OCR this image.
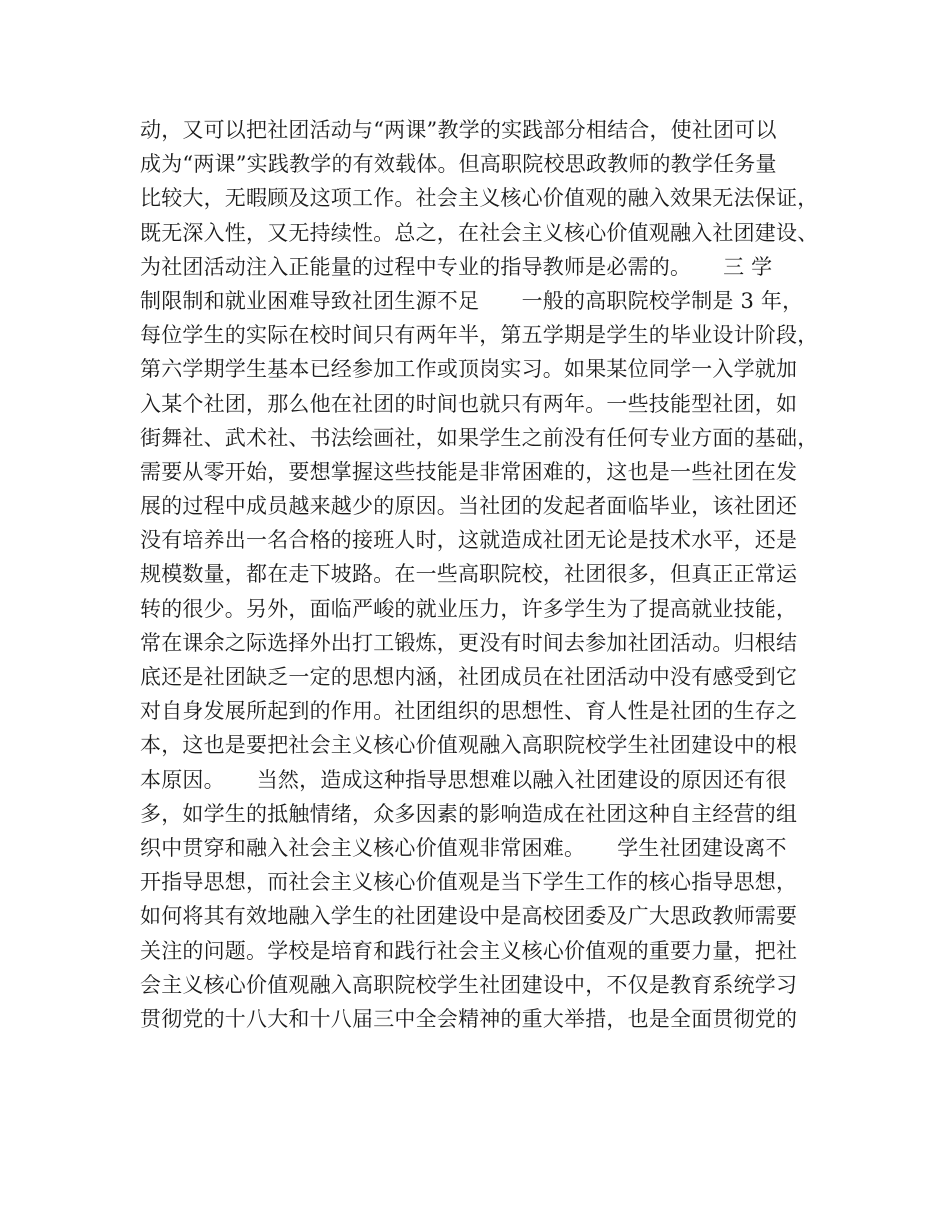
动，又可以把社团活动与“两课”教学的实践部分相结合，使社团可以
成为“两课”实践教学的有效载体。但高职院校思政教师的教学任务量
比较大，无暇顾及这项工作。社会主义核心价值观的融入效果无法保证，
既无深入性，又无持续性。总之，在社会主义核心价值观融入社团建设、
为社团活动注入正能量的过程中专业的指导教师是必需的。　　三 学
制限制和就业困难导致社团生源不足　　一般的高职院校学制是 3 年，
每位学生的实际在校时间只有两年半，第五学期是学生的毕业设计阶段，
第六学期学生基本已经参加工作或顶岗实习。如果某位同学一入学就加
入某个社团，那么他在社团的时间也就只有两年。一些技能型社团，如
街舞社、武术社、书法绘画社，如果学生之前没有任何专业方面的基础，
需要从零开始，要想掌握这些技能是非常困难的，这也是一些社团在发
展的过程中成员越来越少的原因。当社团的发起者面临毕业，该社团还
没有培养出一名合格的接班人时，这就造成社团无论是技术水平，还是
规模数量，都在走下坡路。在一些高职院校，社团很多，但真正正常运
转的很少。另外，面临严峻的就业压力，许多学生为了提高就业技能，
常在课余之际选择外出打工锻炼，更没有时间去参加社团活动。归根结
底还是社团缺乏一定的思想内涵，社团成员在社团活动中没有感受到它
对自身发展所起到的作用。社团组织的思想性、育人性是社团的生存之
本，这也是要把社会主义核心价值观融入高职院校学生社团建设中的根
本原因。　　当然，造成这种指导思想难以融入社团建设的原因还有很
多，如学生的抵触情绪，众多因素的影响造成在社团这种自主经营的组
织中贯穿和融入社会主义核心价值观非常困难。　　学生社团建设离不
开指导思想，而社会主义核心价值观是当下学生工作的核心指导思想，
如何将其有效地融入学生的社团建设中是高校团委及广大思政教师需要
关注的问题。学校是培育和践行社会主义核心价值观的重要力量，把社
会主义核心价值观融入高职院校学生社团建设中，不仅是教育系统学习
贯彻党的十八大和十八届三中全会精神的重大举措，也是全面贯彻党的
